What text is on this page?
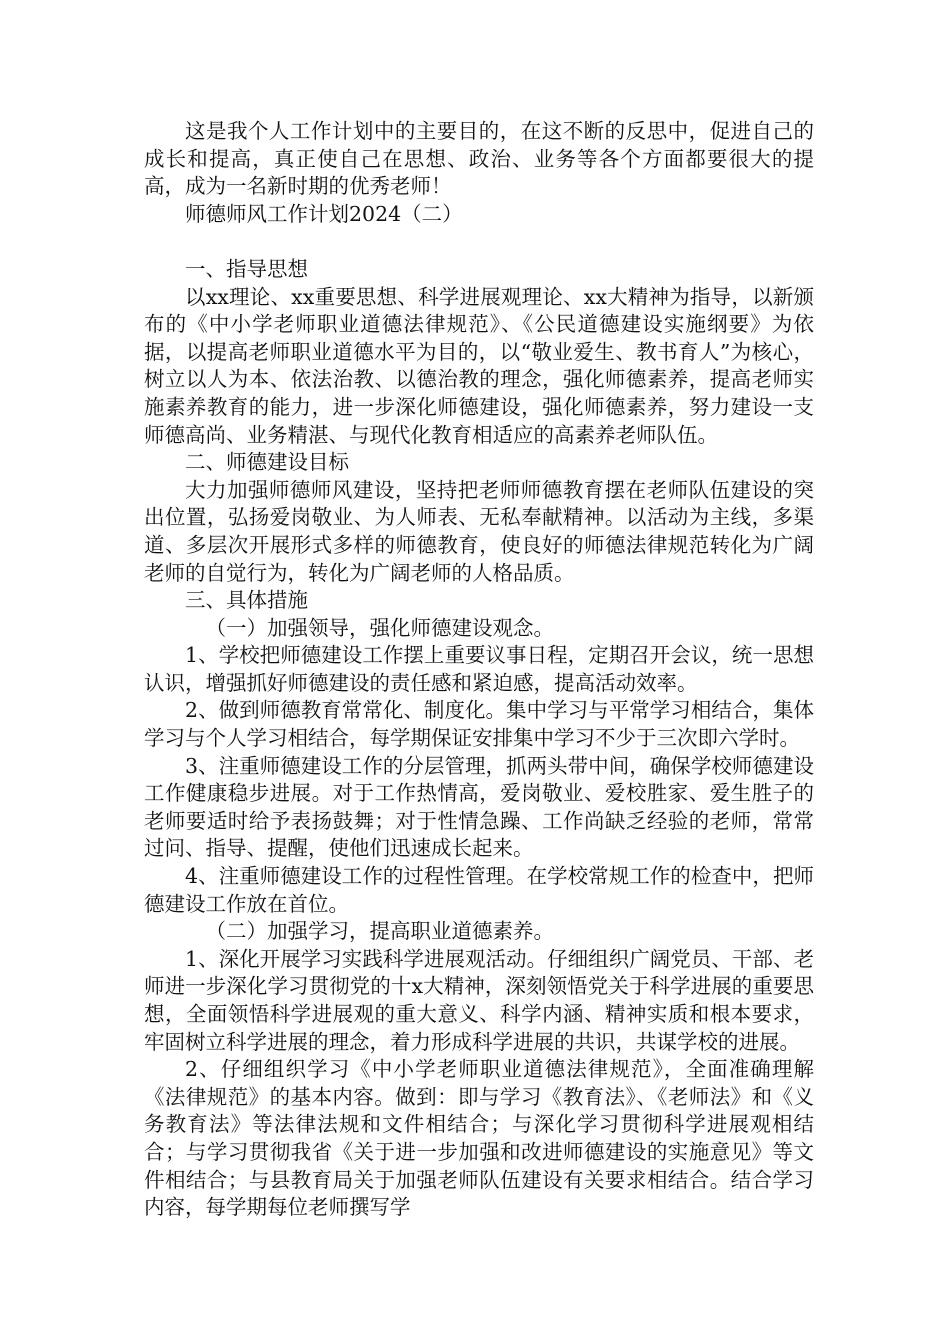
这是我个人工作计划中的主要目的，在这不断的反思中，促进自己的成长和提高，真正使自己在思想、政治、业务等各个方面都要很大的提高，成为一名新时期的优秀老师！

师德师风工作计划2024（二）

一、指导思想

以xx理论、xx重要思想、科学进展观理论、xx大精神为指导，以新颁布的《中小学老师职业道德法律规范》、《公民道德建设实施纲要》为依据，以提高老师职业道德水平为目的，以“敬业爱生、教书育人”为核心，树立以人为本、依法治教、以德治教的理念，强化师德素养，提高老师实施素养教育的能力，进一步深化师德建设，强化师德素养，努力建设一支师德高尚、业务精湛、与现代化教育相适应的高素养老师队伍。

二、师德建设目标

大力加强师德师风建设，坚持把老师师德教育摆在老师队伍建设的突出位置，弘扬爱岗敬业、为人师表、无私奉献精神。以活动为主线，多渠道、多层次开展形式多样的师德教育，使良好的师德法律规范转化为广阔老师的自觉行为，转化为广阔老师的人格品质。

三、具体措施

（一）加强领导，强化师德建设观念。

1、学校把师德建设工作摆上重要议事日程，定期召开会议，统一思想认识，增强抓好师德建设的责任感和紧迫感，提高活动效率。

2、做到师德教育常常化、制度化。集中学习与平常学习相结合，集体学习与个人学习相结合，每学期保证安排集中学习不少于三次即六学时。

3、注重师德建设工作的分层管理，抓两头带中间，确保学校师德建设工作健康稳步进展。对于工作热情高，爱岗敬业、爱校胜家、爱生胜子的老师要适时给予表扬鼓舞；对于性情急躁、工作尚缺乏经验的老师，常常过问、指导、提醒，使他们迅速成长起来。

4、注重师德建设工作的过程性管理。在学校常规工作的检查中，把师德建设工作放在首位。

（二）加强学习，提高职业道德素养。

1、深化开展学习实践科学进展观活动。仔细组织广阔党员、干部、老师进一步深化学习贯彻党的十x大精神，深刻领悟党关于科学进展的重要思想，全面领悟科学进展观的重大意义、科学内涵、精神实质和根本要求，牢固树立科学进展的理念，着力形成科学进展的共识，共谋学校的进展。

2、仔细组织学习《中小学老师职业道德法律规范》，全面准确理解《法律规范》的基本内容。做到：即与学习《教育法》、《老师法》和《义务教育法》等法律法规和文件相结合；与深化学习贯彻科学进展观相结合；与学习贯彻我省《关于进一步加强和改进师德建设的实施意见》等文件相结合；与县教育局关于加强老师队伍建设有关要求相结合。结合学习内容，每学期每位老师撰写学
